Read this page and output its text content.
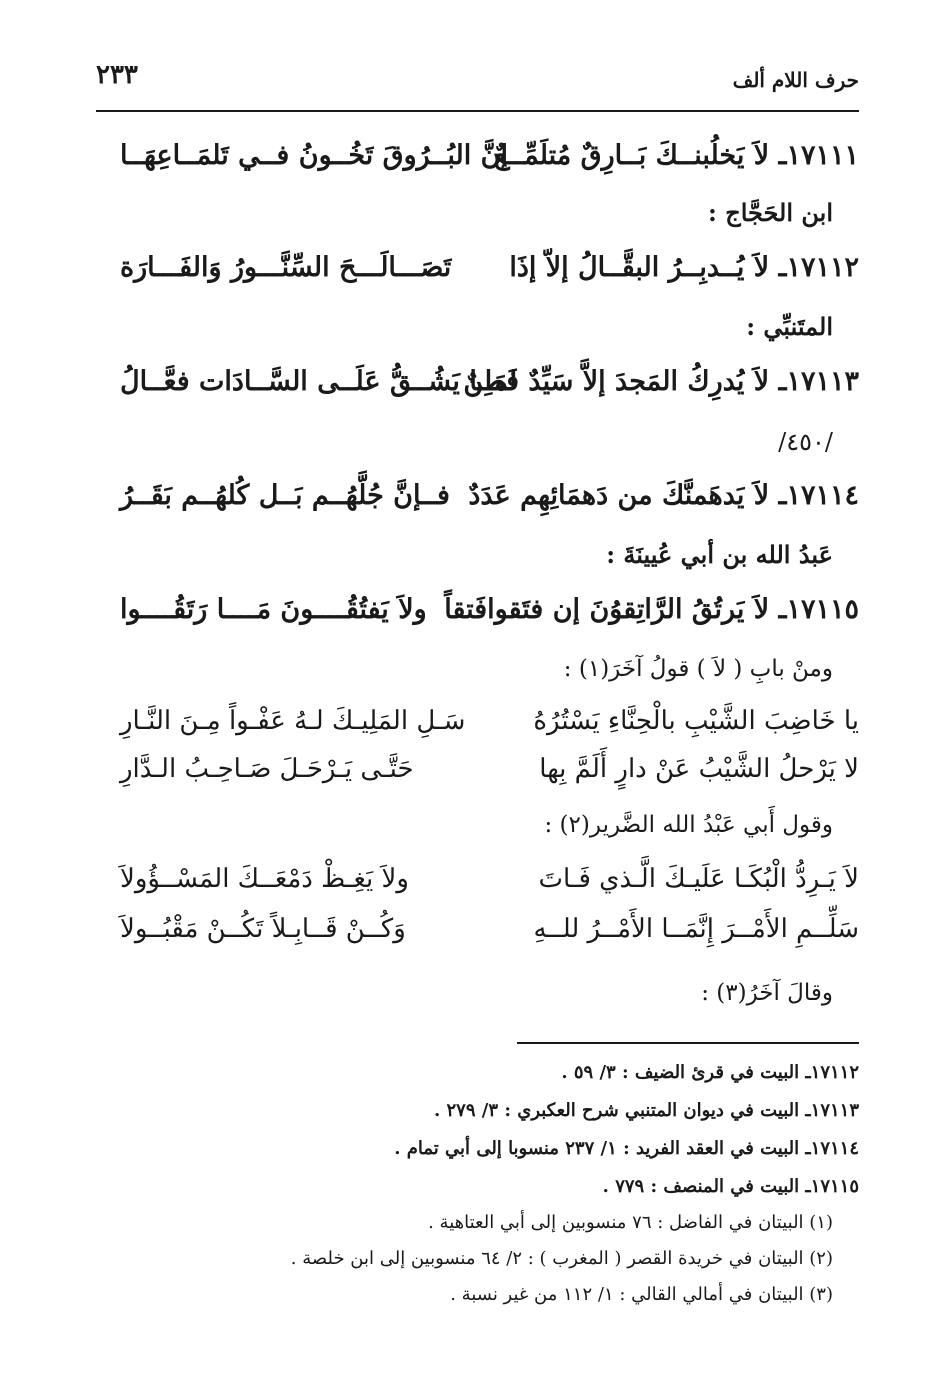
حرف اللام ألف
٢٣٣
١٧١١١ـ لاَ يَخلُبنــكَ بَــارِقٌ مُتلَمِّــعٌ
إنَّ البُــرُوقَ تَخُــونُ فــي تَلمَــاعِهَــا
ابن الحَجَّاج :
١٧١١٢ـ لاَ يُــدبِــرُ البقَّــالُ إلاّ إذَا
تَصَـــالَـــحَ السِّنَّـــورُ وَالفَـــارَة
المتَنبِّي :
١٧١١٣ـ لاَ يُدرِكُ المَجدَ إلاَّ سَيِّدٌ فَطِنٌ
لمَــا يَشُــقُّ عَلَــى السَّــادَات فعَّــالُ
/٤٥٠/
١٧١١٤ـ لاَ يَدهَمنَّكَ من دَهمَائِهِم عَدَدٌ
فــإنَّ جُلَّهُــم بَــل كُلهُــم بَقَــرُ
عَبدُ الله بن أبي عُيينَةَ :
١٧١١٥ـ لاَ يَرتُقُ الرَّاتِقوُنَ إن فتَقوافَتقاً
ولاَ يَفتُقُــــونَ مَــــا رَتَقُــــوا
ومنْ بابِ ( لاَ ) قولُ آخَرَ(١) :
يا خَاضِبَ الشَّيْبِ بالْحِنَّاءِ يَسْتُرُهُ
سَـلِ المَلِيـكَ لـهُ عَفْـواً مِـنَ النَّـارِ
لا يَرْحلُ الشَّيْبُ عَنْ دارٍ أَلَمَّ بِها
حَتَّـى يَـرْحَـلَ صَـاحِـبُ الـدَّارِ
وقول أَبي عَبْدُ الله الضَّرير(٢) :
لاَ يَـرِدُّ الْبُكَـا عَلَيـكَ الَّـذي فَـاتَ
ولاَ يَغِـظْ دَمْعَــكَ المَسْــؤُولاَ
سَلِّــمِ الأَمْــرَ إِنَّمَــا الأَمْــرُ للــهِ
وَكُــنْ قَــابِـلاً تَكُــنْ مَقْبُــولاَ
وقالَ آخَرُ(٣) :
١٧١١٢ـ البيت في قرئ الضيف : ٣/ ٥٩ .
١٧١١٣ـ البيت في ديوان المتنبي شرح العكبري : ٣/ ٢٧٩ .
١٧١١٤ـ البيت في العقد الفريد : ١/ ٢٣٧ منسوبا إلى أبي تمام .
١٧١١٥ـ البيت في المنصف : ٧٧٩ .
(١) البيتان في الفاضل : ٧٦ منسوبين إلى أبي العتاهية .
(٢) البيتان في خريدة القصر ( المغرب ) : ٢/ ٦٤ منسوبين إلى ابن خلصة .
(٣) البيتان في أمالي القالي : ١/ ١١٢ من غير نسبة .
